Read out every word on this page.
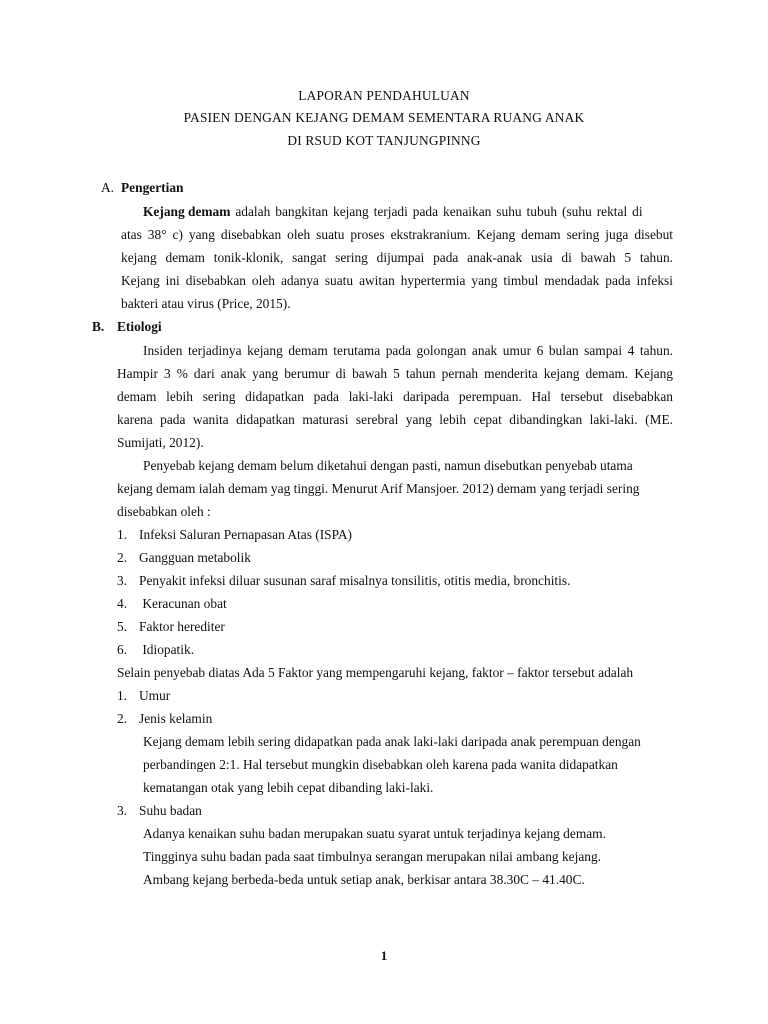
LAPORAN PENDAHULUAN
PASIEN DENGAN KEJANG DEMAM SEMENTARA RUANG ANAK
DI RSUD KOT TANJUNGPINNG
A. Pengertian
Kejang demam adalah bangkitan kejang terjadi pada kenaikan suhu tubuh (suhu rektal di
atas 38° c) yang disebabkan oleh suatu proses ekstrakranium. Kejang demam sering juga disebut
kejang demam tonik-klonik, sangat sering dijumpai pada anak-anak usia di bawah 5 tahun.
Kejang ini disebabkan oleh adanya suatu awitan hypertermia yang timbul mendadak pada infeksi
bakteri atau virus (Price, 2015).
B. Etiologi
Insiden terjadinya kejang demam terutama pada golongan anak umur 6 bulan sampai 4 tahun.
Hampir 3 % dari anak yang berumur di bawah 5 tahun pernah menderita kejang demam. Kejang
demam lebih sering didapatkan pada laki-laki daripada perempuan. Hal tersebut disebabkan
karena pada wanita didapatkan maturasi serebral yang lebih cepat dibandingkan laki-laki. (ME.
Sumijati, 2012).
Penyebab kejang demam belum diketahui dengan pasti, namun disebutkan penyebab utama
kejang demam ialah demam yag tinggi. Menurut Arif Mansjoer. 2012) demam yang terjadi sering
disebabkan oleh :
1. Infeksi Saluran Pernapasan Atas (ISPA)
2. Gangguan metabolik
3. Penyakit infeksi diluar susunan saraf misalnya tonsilitis, otitis media, bronchitis.
4. Keracunan obat
5. Faktor herediter
6. Idiopatik.
Selain penyebab diatas Ada 5 Faktor yang mempengaruhi kejang, faktor – faktor tersebut adalah
1. Umur
2. Jenis kelamin
Kejang demam lebih sering didapatkan pada anak laki-laki daripada anak perempuan dengan
perbandingen 2:1. Hal tersebut mungkin disebabkan oleh karena pada wanita didapatkan
kematangan otak yang lebih cepat dibanding laki-laki.
3. Suhu badan
Adanya kenaikan suhu badan merupakan suatu syarat untuk terjadinya kejang demam.
Tingginya suhu badan pada saat timbulnya serangan merupakan nilai ambang kejang.
Ambang kejang berbeda-beda untuk setiap anak, berkisar antara 38.30C – 41.40C.
1
